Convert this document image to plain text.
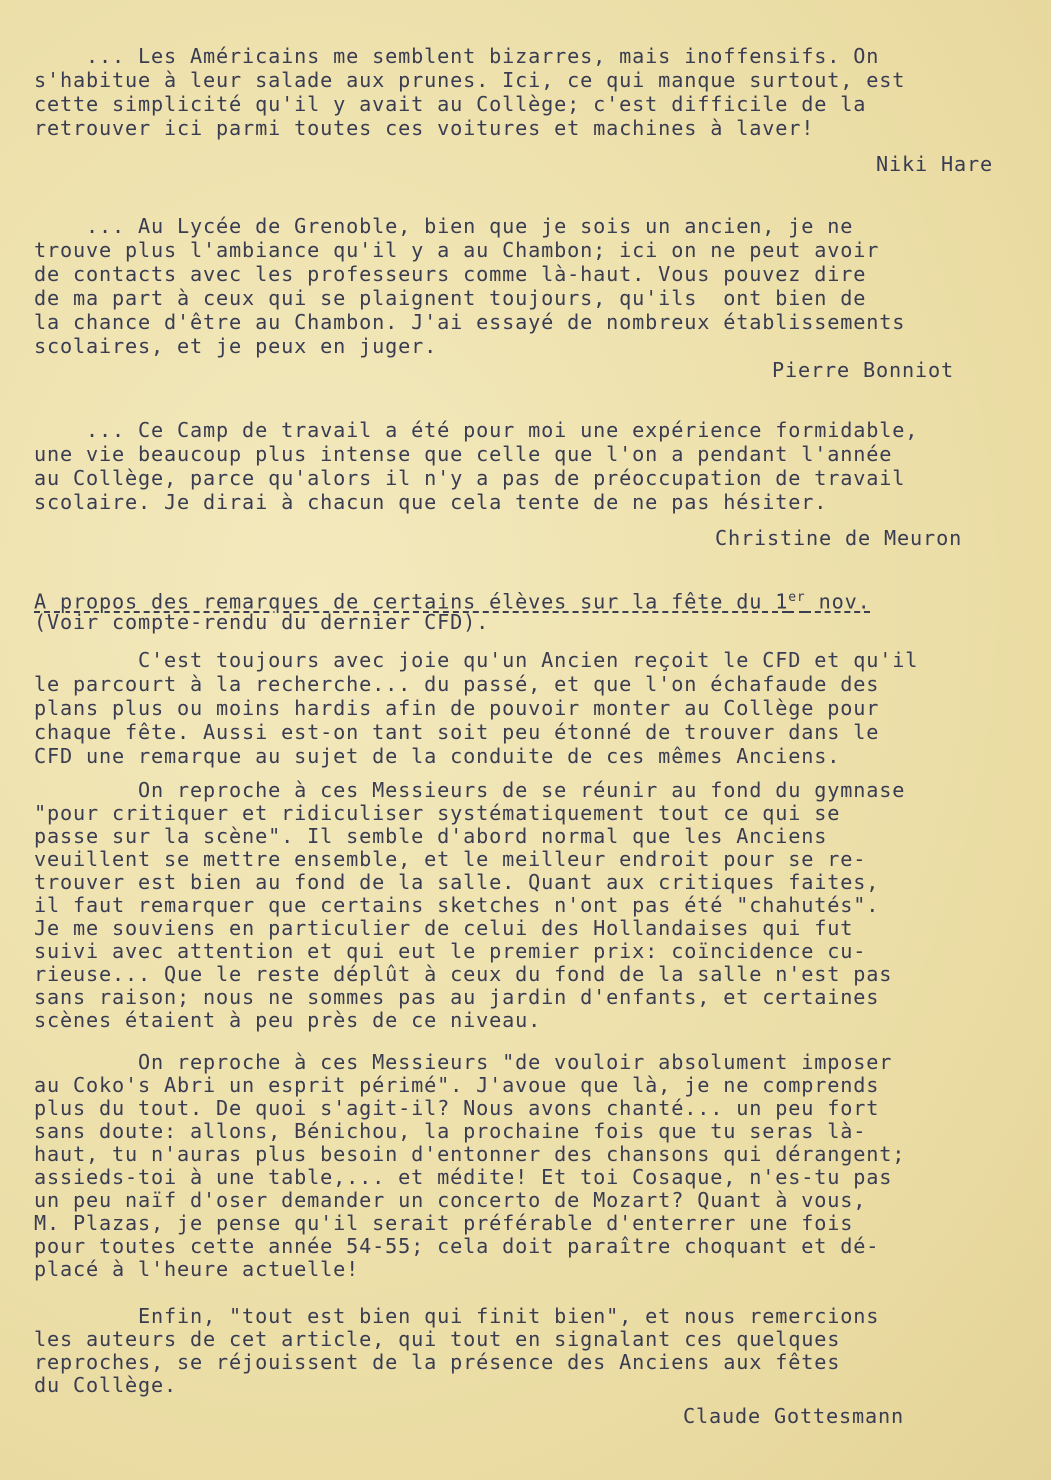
... Les Américains me semblent bizarres, mais inoffensifs. On
s'habitue à leur salade aux prunes. Ici, ce qui manque surtout, est
cette simplicité qu'il y avait au Collège; c'est difficile de la
retrouver ici parmi toutes ces voitures et machines à laver!
Niki Hare
... Au Lycée de Grenoble, bien que je sois un ancien, je ne
trouve plus l'ambiance qu'il y a au Chambon; ici on ne peut avoir
de contacts avec les professeurs comme là-haut. Vous pouvez dire
de ma part à ceux qui se plaignent toujours, qu'ils  ont bien de
la chance d'être au Chambon. J'ai essayé de nombreux établissements
scolaires, et je peux en juger.
Pierre Bonniot
... Ce Camp de travail a été pour moi une expérience formidable,
une vie beaucoup plus intense que celle que l'on a pendant l'année
au Collège, parce qu'alors il n'y a pas de préoccupation de travail
scolaire. Je dirai à chacun que cela tente de ne pas hésiter.
Christine de Meuron
A propos des remarques de certains élèves sur la fête du 1er nov.
(Voir compte-rendu du dernier CFD).
C'est toujours avec joie qu'un Ancien reçoit le CFD et qu'il
le parcourt à la recherche... du passé, et que l'on échafaude des
plans plus ou moins hardis afin de pouvoir monter au Collège pour
chaque fête. Aussi est-on tant soit peu étonné de trouver dans le
CFD une remarque au sujet de la conduite de ces mêmes Anciens.
On reproche à ces Messieurs de se réunir au fond du gymnase
"pour critiquer et ridiculiser systématiquement tout ce qui se
passe sur la scène". Il semble d'abord normal que les Anciens
veuillent se mettre ensemble, et le meilleur endroit pour se re-
trouver est bien au fond de la salle. Quant aux critiques faites,
il faut remarquer que certains sketches n'ont pas été "chahutés".
Je me souviens en particulier de celui des Hollandaises qui fut
suivi avec attention et qui eut le premier prix: coïncidence cu-
rieuse... Que le reste déplût à ceux du fond de la salle n'est pas
sans raison; nous ne sommes pas au jardin d'enfants, et certaines
scènes étaient à peu près de ce niveau.
On reproche à ces Messieurs "de vouloir absolument imposer
au Coko's Abri un esprit périmé". J'avoue que là, je ne comprends
plus du tout. De quoi s'agit-il? Nous avons chanté... un peu fort
sans doute: allons, Bénichou, la prochaine fois que tu seras là-
haut, tu n'auras plus besoin d'entonner des chansons qui dérangent;
assieds-toi à une table,... et médite! Et toi Cosaque, n'es-tu pas
un peu naïf d'oser demander un concerto de Mozart? Quant à vous,
M. Plazas, je pense qu'il serait préférable d'enterrer une fois
pour toutes cette année 54-55; cela doit paraître choquant et dé-
placé à l'heure actuelle!
Enfin, "tout est bien qui finit bien", et nous remercions
les auteurs de cet article, qui tout en signalant ces quelques
reproches, se réjouissent de la présence des Anciens aux fêtes
du Collège.
Claude Gottesmann
